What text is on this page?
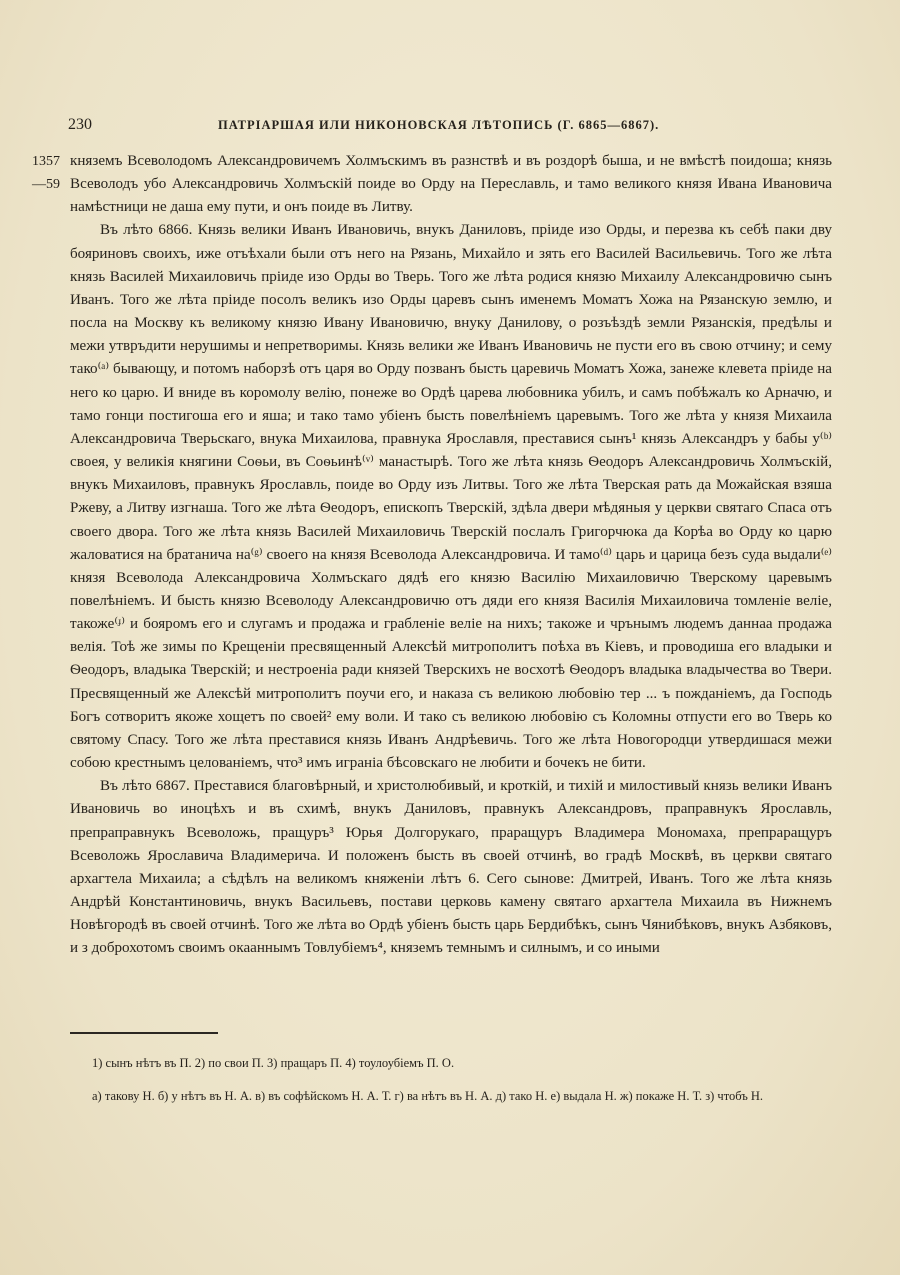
230	ПАТРІАРШАЯ ИЛИ НИКОНОВСКАЯ ЛѢТОПИСЬ (Г. 6865—6867).
1357
—59

княземъ Всеволодомъ Александровичемъ Холмъскимъ въ разнствѣ и въ роздорѣ быша, и не вмѣстѣ поидоша; князь Всеволодъ убо Александровичь Холмъскій поиде во Орду на Переславль, и тамо великого князя Ивана Ивановича намѣстници не даша ему пути, и онъ поиде въ Литву.

Въ лѣто 6866. Князь велики Иванъ Ивановичь, внукъ Даниловъ, пріиде изо Орды, и перезва къ себѣ паки дву бояриновъ своихъ, иже отъѣхали были отъ него на Рязань, Михайло и зять его Василей Васильевичь. Того же лѣта князь Василей Михаиловичь пріиде изо Орды во Тверь. Того же лѣта родися князю Михаилу Александровичю сынъ Иванъ. Того же лѣта пріиде посолъ великъ изо Орды царевъ сынъ именемъ Моматъ Хожа на Рязанскую землю, и посла на Москву къ великому князю Ивану Ивановичю, внуку Данилову, о розъѣздѣ земли Рязанскія, предѣлы и межи утвръдити нерушимы и непретворимы. Князь велики же Иванъ Ивановичь не пусти его въ свою отчину; и сему тако⁽ᵃ⁾ бывающу, и потомъ наборзѣ отъ царя во Орду позванъ бысть царевичь Моматъ Хожа, занеже клевета пріиде на него ко царю. И вниде въ коромолу велію, понеже во Ордѣ царева любовника убилъ, и самъ побѣжалъ ко Арначю, и тамо гонци постигоша его и яша; и тако тамо убіенъ бысть повелѣніемъ царевымъ. Того же лѣта у князя Михаила Александровича Тверьскаго, внука Михаилова, правнука Ярославля, преставися сынъ¹ князь Александръ у бабы у⁽ᵇ⁾ своея, у великія княгини Соѳьи, въ Соѳьинѣ⁽ᵛ⁾ манастырѣ. Того же лѣта князь Ѳеодоръ Александровичь Холмъскій, внукъ Михаиловъ, правнукъ Ярославль, поиде во Орду изъ Литвы. Того же лѣта Тверская рать да Можайская взяша Ржеву, а Литву изгнаша. Того же лѣта Ѳеодоръ, епископъ Тверскій, здѣла двери мѣдяныя у церкви святаго Спаса отъ своего двора. Того же лѣта князь Василей Михаиловичь Тверскій послалъ Григорчюка да Корѣа во Орду ко царю жаловатися на братанича на⁽ᵍ⁾ своего на князя Всеволода Александровича. И тамо⁽ᵈ⁾ царь и царица безъ суда выдали⁽ᵉ⁾ князя Всеволода Александровича Холмъскаго дядѣ его князю Василію Михаиловичю Тверскому царевымъ повелѣніемъ. И бысть князю Всеволоду Александровичю отъ дяди его князя Василія Михаиловича томленіе веліе, такожe⁽ᶡ⁾ и бояромъ его и слугамъ и продажа и грабленіе веліе на нихъ; такожe и чрънымъ людемъ даннаа продажа велія. Тоѣ же зимы по Крещеніи пресвященный Алексѣй митрополитъ поѣха въ Кіевъ, и проводиша его владыки и Ѳеодоръ, владыка Тверскій; и нестроеніа ради князей Тверскихъ не восхотѣ Ѳеодоръ владыка владычества во Твери. Пресвященный же Алексѣй митрополитъ поучи его, и наказа съ великою любовію тер ... ъ пожданіемъ, да Господь Богъ сотворитъ якоже хощетъ по своей² ему воли. И тако съ великою любовію съ Коломны отпусти его во Тверь ко святому Спасу. Того же лѣта преставися князь Иванъ Андрѣевичь. Того же лѣта Новогородци утвердишася межи собою крестнымъ целованіемъ, что³ имъ играніа бѣсовскаго не любити и бочекъ не бити.

Въ лѣто 6867. Преставися благовѣрный, и христолюбивый, и кроткій, и тихій и милостивый князь велики Иванъ Ивановичь во иноцѣхъ и въ схимѣ, внукъ Даниловъ, правнукъ Александровъ, праправнукъ Ярославль, препраправнукъ Всеволожь, пращуръ³ Юрья Долгорукаго, праращуръ Владимера Мономаха, препраращуръ Всеволожь Ярославича Владимерича. И положенъ бысть въ своей отчинѣ, во градѣ Москвѣ, въ церкви святаго архагтела Михаила; а сѣдѣлъ на великомъ княженіи лѣтъ 6. Сего сынове: Дмитрей, Иванъ. Того же лѣта князь Андрѣй Константиновичь, внукъ Васильевъ, постави церковь камену святаго архагтела Михаила въ Нижнемъ Новѣгородѣ въ своей отчинѣ. Того же лѣта во Ордѣ убіенъ бысть царь Бердибѣкъ, сынъ Чянибѣковъ, внукъ Азбяковъ, и з доброхотомъ своимъ окааннымъ Товлубіемъ⁴, княземъ темнымъ и силнымъ, и со иными

1) сынъ нѣтъ въ П. 2) по свои П. 3) пращаръ П. 4) тоулоубіемъ П. О.
а) такову Н. б) у нѣтъ въ Н. А. в) въ софѣйскомъ Н. А. Т. г) ва нѣтъ въ Н. А. д) тако Н. е) выдала Н. ж) покаже Н. Т. з) чтобъ Н.
